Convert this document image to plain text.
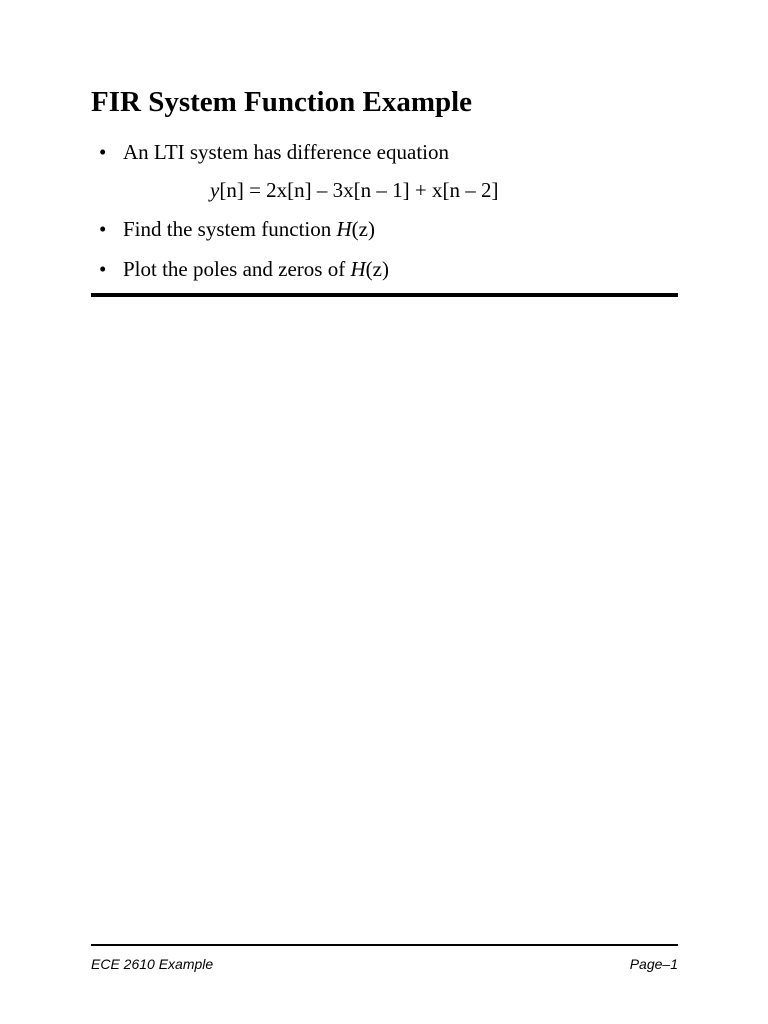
FIR System Function Example
• An LTI system has difference equation
y[n] = 2x[n] – 3x[n – 1] + x[n – 2]
• Find the system function H(z)
• Plot the poles and zeros of H(z)
ECE 2610 Example	Page–1
